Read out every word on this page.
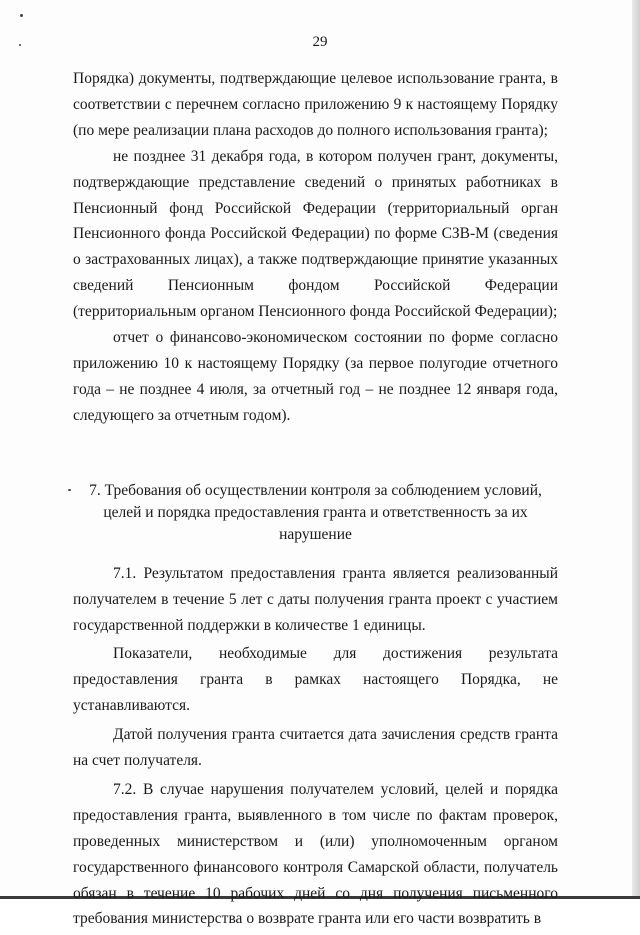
29

Порядка) документы, подтверждающие целевое использование гранта, в соответствии с перечнем согласно приложению 9 к настоящему Порядку (по мере реализации плана расходов до полного использования гранта);

не позднее 31 декабря года, в котором получен грант, документы, подтверждающие представление сведений о принятых работниках в Пенсионный фонд Российской Федерации (территориальный орган Пенсионного фонда Российской Федерации) по форме СЗВ-М (сведения о застрахованных лицах), а также подтверждающие принятие указанных сведений Пенсионным фондом Российской Федерации (территориальным органом Пенсионного фонда Российской Федерации);

отчет о финансово-экономическом состоянии по форме согласно приложению 10 к настоящему Порядку (за первое полугодие отчетного года – не позднее 4 июля, за отчетный год – не позднее 12 января года, следующего за отчетным годом).

7. Требования об осуществлении контроля за соблюдением условий,
целей и порядка предоставления гранта и ответственность за их нарушение

7.1. Результатом предоставления гранта является реализованный получателем в течение 5 лет с даты получения гранта проект с участием государственной поддержки в количестве 1 единицы.

Показатели, необходимые для достижения результата предоставления гранта в рамках настоящего Порядка, не устанавливаются.

Датой получения гранта считается дата зачисления средств гранта на счет получателя.

7.2. В случае нарушения получателем условий, целей и порядка предоставления гранта, выявленного в том числе по фактам проверок, проведенных министерством и (или) уполномоченным органом государственного финансового контроля Самарской области, получатель обязан в течение 10 рабочих дней со дня получения письменного требования министерства о возврате гранта или его части возвратить в
